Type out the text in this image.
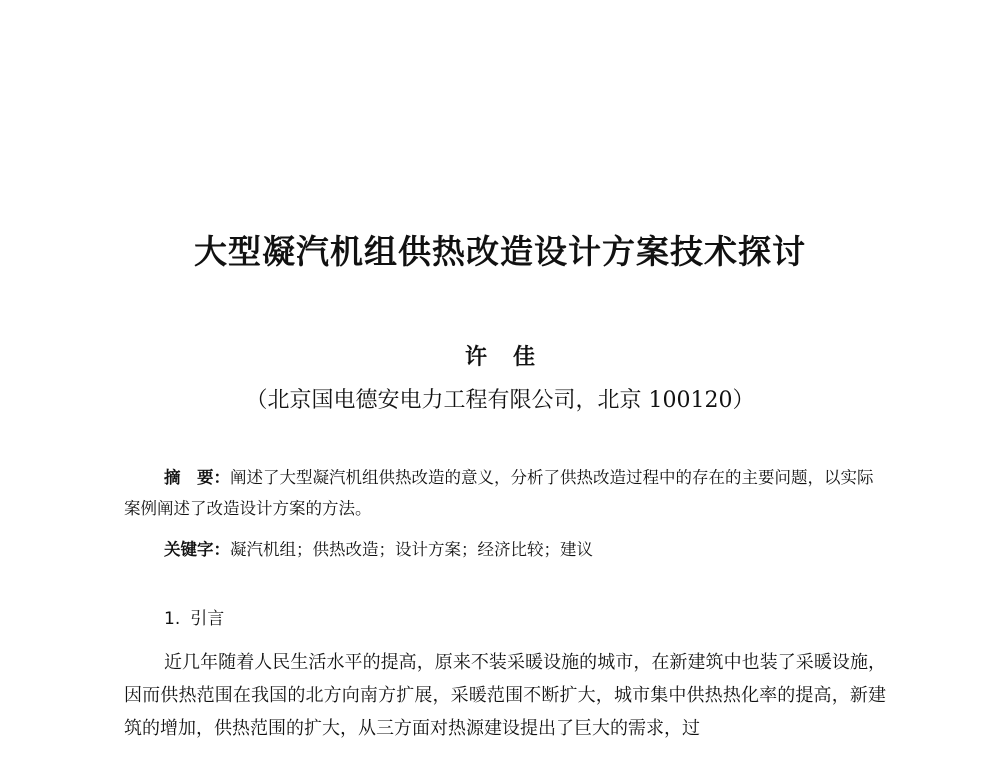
大型凝汽机组供热改造设计方案技术探讨
许佳
（北京国电德安电力工程有限公司，北京 100120）
摘　要：阐述了大型凝汽机组供热改造的意义，分析了供热改造过程中的存在的主要问题，以实际案例阐述了改造设计方案的方法。
关键字：凝汽机组；供热改造；设计方案；经济比较；建议
1. 引言
近几年随着人民生活水平的提高，原来不装采暖设施的城市，在新建筑中也装了采暖设施，因而供热范围在我国的北方向南方扩展，采暖范围不断扩大，城市集中供热热化率的提高，新建筑的增加，供热范围的扩大，从三方面对热源建设提出了巨大的需求，过
